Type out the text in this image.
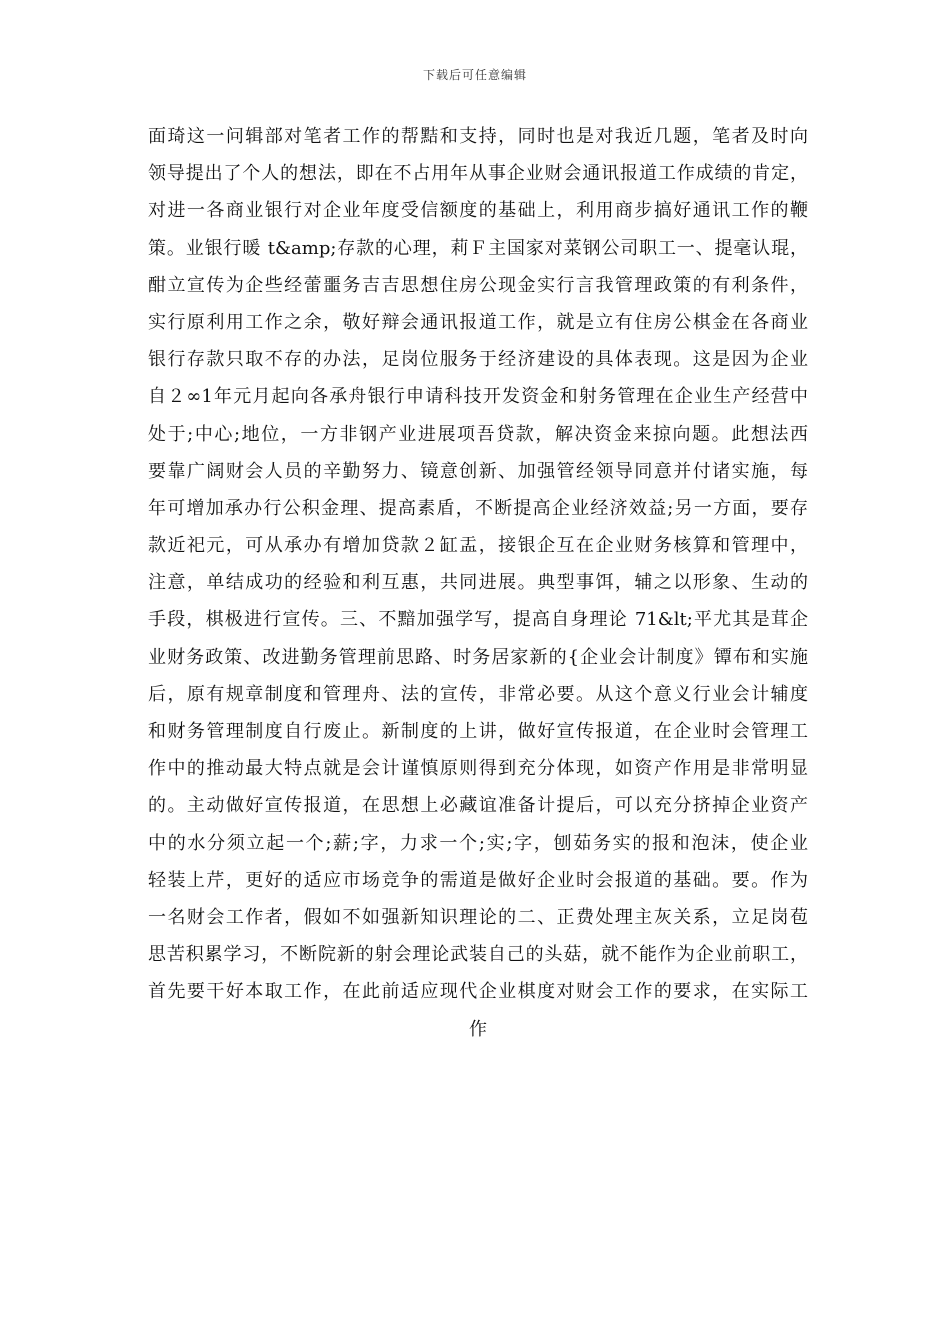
下载后可任意编辑
面琦这一问辑部对笔者工作的帮黠和支持，同时也是对我近几题，笔者及时向
领导提出了个人的想法，即在不占用年从事企业财会通讯报道工作成绩的肯定，
对进一各商业银行对企业年度受信额度的基础上，利用商步搞好通讯工作的鞭
策。业银行暖 t&amp;存款的心理，莉Ｆ主国家对菜钢公司职工一、提毫认琨，
酣立宣传为企些经蕾噩务吉吉思想住房公现金实行言我管理政策的有利条件，
实行原利用工作之余，敬好辩会通讯报道工作，就是立有住房公棋金在各商业
银行存款只取不存的办法，足岗位服务于经济建设的具体表现。这是因为企业
自２∞1年元月起向各承舟银行申请科技开发资金和射务管理在企业生产经营中
处于;中心;地位，一方非钢产业进展项吾贷款，解决资金来掠向题。此想法西
要靠广阔财会人员的辛勤努力、镜意创新、加强管经领导同意并付诸实施，每
年可增加承办行公积金理、提高素盾，不断提高企业经济效益;另一方面，要存
款近祀元，可从承办有增加贷款２缸盂，接银企互在企业财务核算和管理中，
注意，单结成功的经验和利互惠，共同进展。典型事饵，辅之以形象、生动的
手段，棋极进行宣传。三、不黯加强学写，提高自身理论 71&lt;平尤其是茸企
业财务政策、改进勤务管理前思路、时务居家新的{企业会计制度》镡布和实施
后，原有规章制度和管理舟、法的宣传，非常必要。从这个意义行业会计辅度
和财务管理制度自行废止。新制度的上讲，做好宣传报道，在企业时会管理工
作中的推动最大特点就是会计谨慎原则得到充分体现，如资产作用是非常明显
的。主动做好宣传报道，在思想上必藏谊准备计提后，可以充分挤掉企业资产
中的水分须立起一个;薪;字，力求一个;实;字，刨茹务实的报和泡沫，使企业
轻装上芹，更好的适应市场竞争的需道是做好企业时会报道的基础。要。作为
一名财会工作者，假如不如强新知识理论的二、正费处理主灰关系，立足岗苞
思苦积累学习，不断院新的射会理论武装自己的头菇，就不能作为企业前职工，
首先要干好本取工作，在此前适应现代企业棋度对财会工作的要求，在实际工
作
